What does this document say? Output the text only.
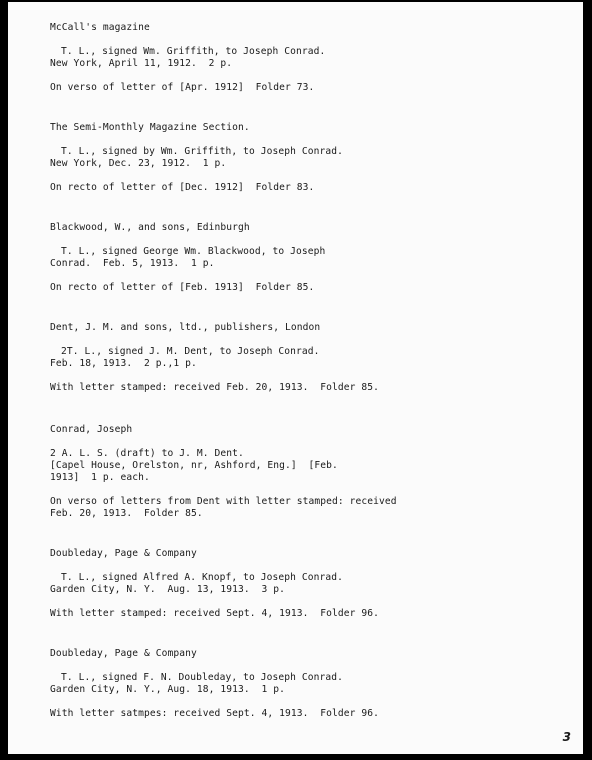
McCall's magazine
T. L., signed Wm. Griffith, to Joseph Conrad.
New York, April 11, 1912.  2 p.
On verso of letter of [Apr. 1912]  Folder 73.
The Semi-Monthly Magazine Section.
T. L., signed by Wm. Griffith, to Joseph Conrad.
New York, Dec. 23, 1912.  1 p.
On recto of letter of [Dec. 1912]  Folder 83.
Blackwood, W., and sons, Edinburgh
T. L., signed George Wm. Blackwood, to Joseph
Conrad.  Feb. 5, 1913.  1 p.
On recto of letter of [Feb. 1913]  Folder 85.
Dent, J. M. and sons, ltd., publishers, London
2T. L., signed J. M. Dent, to Joseph Conrad.
Feb. 18, 1913.  2 p.,1 p.
With letter stamped: received Feb. 20, 1913.  Folder 85.
Conrad, Joseph
2 A. L. S. (draft) to J. M. Dent.
[Capel House, Orelston, nr, Ashford, Eng.]  [Feb.
1913]  1 p. each.
On verso of letters from Dent with letter stamped: received
Feb. 20, 1913.  Folder 85.
Doubleday, Page & Company
T. L., signed Alfred A. Knopf, to Joseph Conrad.
Garden City, N. Y.  Aug. 13, 1913.  3 p.
With letter stamped: received Sept. 4, 1913.  Folder 96.
Doubleday, Page & Company
T. L., signed F. N. Doubleday, to Joseph Conrad.
Garden City, N. Y., Aug. 18, 1913.  1 p.
With letter satmpes: received Sept. 4, 1913.  Folder 96.
3
